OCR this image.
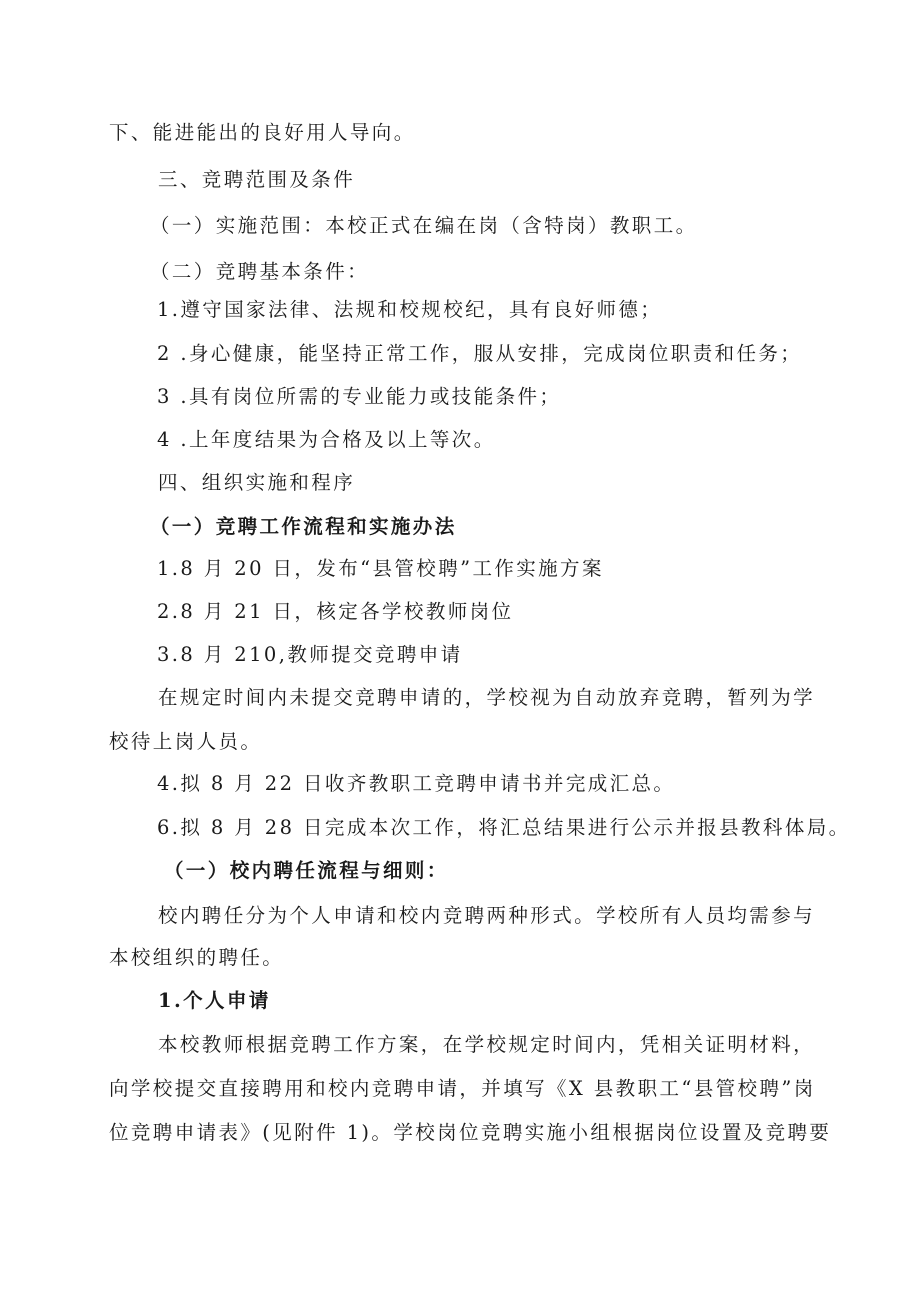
下、能进能出的良好用人导向。
三、竞聘范围及条件
（一）实施范围：本校正式在编在岗（含特岗）教职工。
（二）竞聘基本条件：
1.遵守国家法律、法规和校规校纪，具有良好师德；
2 .身心健康，能坚持正常工作，服从安排，完成岗位职责和任务；
3 .具有岗位所需的专业能力或技能条件；
4 .上年度结果为合格及以上等次。
四、组织实施和程序
（一）竞聘工作流程和实施办法
1.8 月 20 日，发布“县管校聘”工作实施方案
2.8 月 21 日，核定各学校教师岗位
3.8 月 210,教师提交竞聘申请
在规定时间内未提交竞聘申请的，学校视为自动放弃竞聘，暂列为学
校待上岗人员。
4.拟 8 月 22 日收齐教职工竞聘申请书并完成汇总。
6.拟 8 月 28 日完成本次工作，将汇总结果进行公示并报县教科体局。
（一）校内聘任流程与细则：
校内聘任分为个人申请和校内竞聘两种形式。学校所有人员均需参与
本校组织的聘任。
1.个人申请
本校教师根据竞聘工作方案，在学校规定时间内，凭相关证明材料，
向学校提交直接聘用和校内竞聘申请，并填写《X 县教职工“县管校聘”岗
位竞聘申请表》(见附件 1)。学校岗位竞聘实施小组根据岗位设置及竞聘要
